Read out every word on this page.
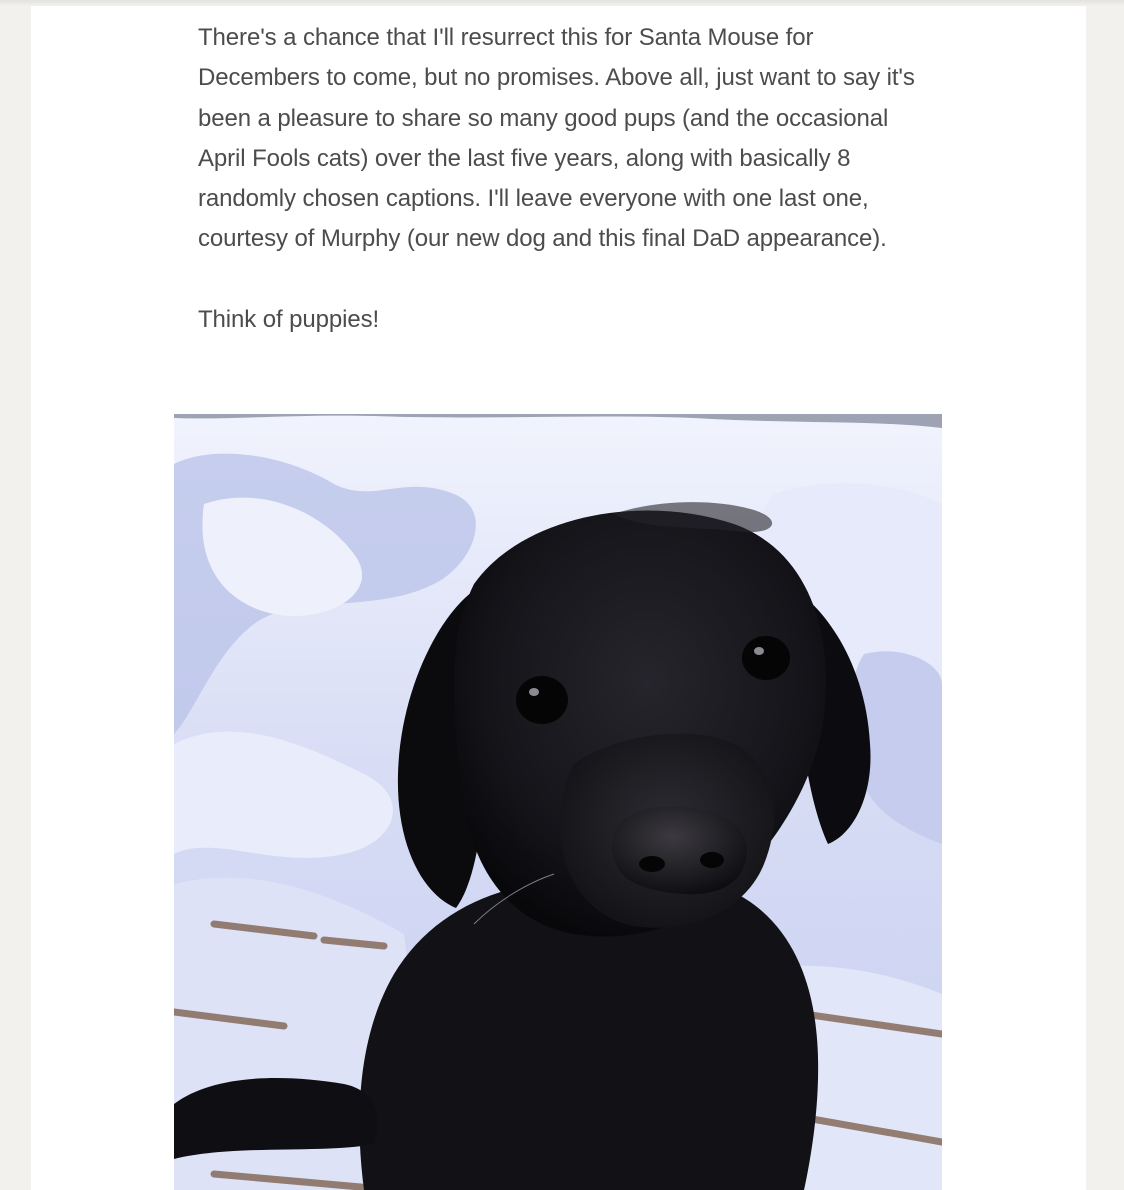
There's a chance that I'll resurrect this for Santa Mouse for Decembers to come, but no promises. Above all, just want to say it's been a pleasure to share so many good pups (and the occasional April Fools cats) over the last five years, along with basically 8 randomly chosen captions. I'll leave everyone with one last one, courtesy of Murphy (our new dog and this final DaD appearance).

Think of puppies!
